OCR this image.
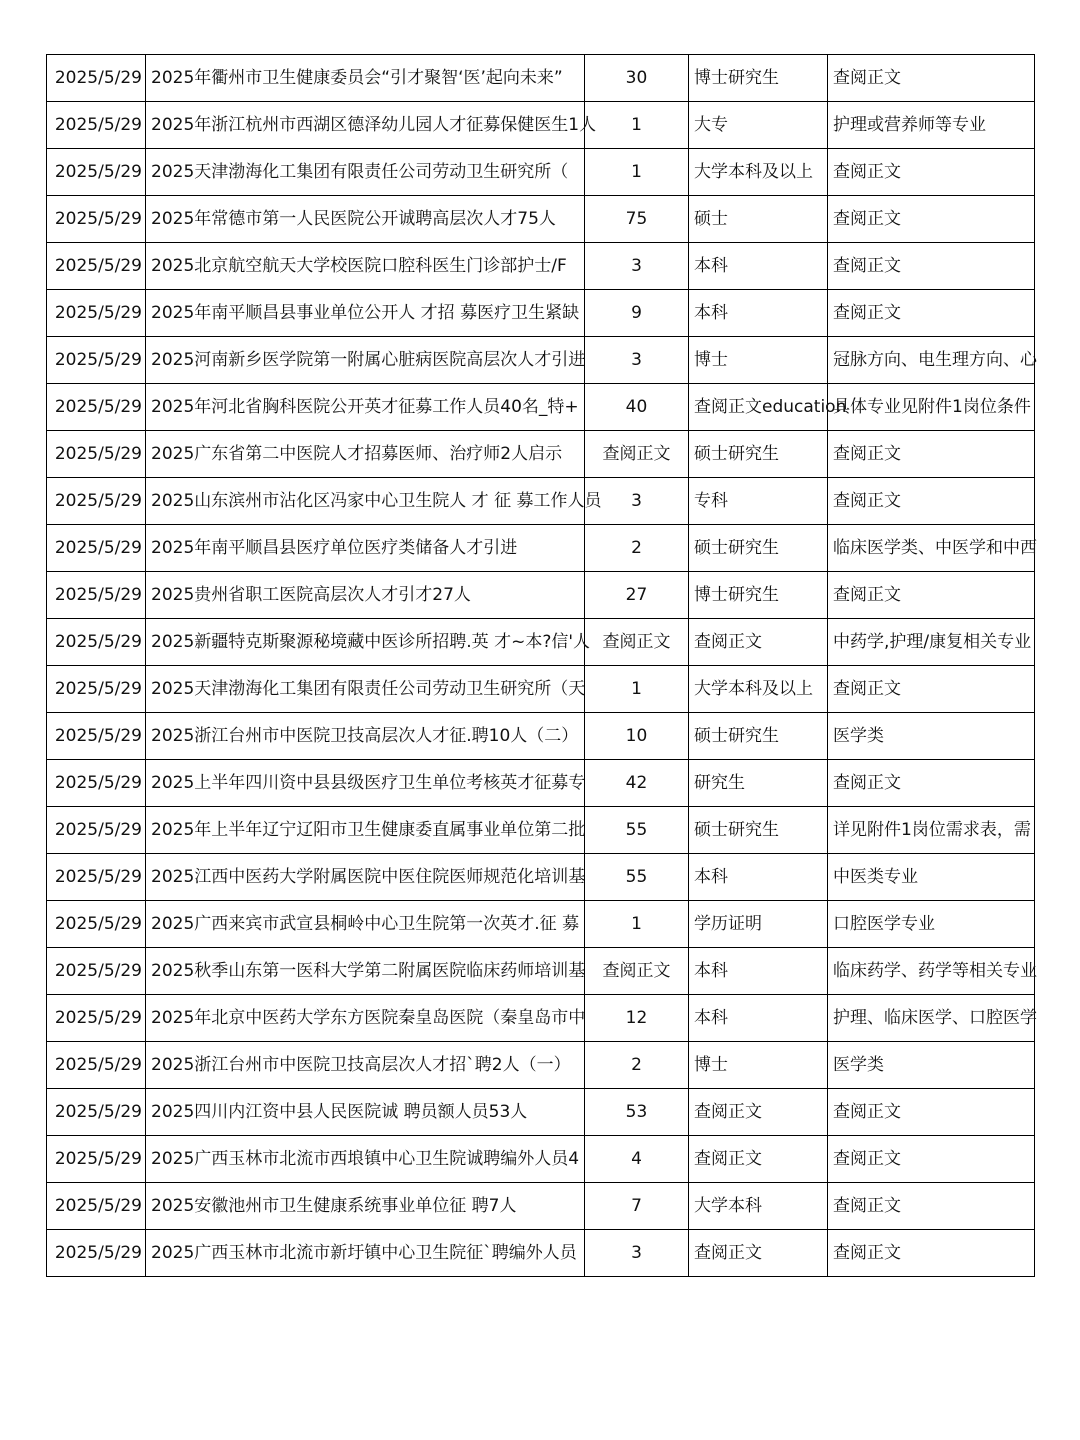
2025/5/29	2025年衢州市卫生健康委员会“引才聚智‘医’起向未来”	30	博士研究生	查阅正文
2025/5/29	2025年浙江杭州市西湖区德泽幼儿园人才征募保健医生1人	1	大专	护理或营养师等专业
2025/5/29	2025天津渤海化工集团有限责任公司劳动卫生研究所（	1	大学本科及以上	查阅正文
2025/5/29	2025年常德市第一人民医院公开诚聘高层次人才75人	75	硕士	查阅正文
2025/5/29	2025北京航空航天大学校医院口腔科医生门诊部护士/F	3	本科	查阅正文
2025/5/29	2025年南平顺昌县事业单位公开人 才招 募医疗卫生紧缺	9	本科	查阅正文
2025/5/29	2025河南新乡医学院第一附属心脏病医院高层次人才引进	3	博士	冠脉方向、电生理方向、心
2025/5/29	2025年河北省胸科医院公开英才征募工作人员40名_特+	40	查阅正文education	具体专业见附件1岗位条件
2025/5/29	2025广东省第二中医院人才招募医师、治疗师2人启示	查阅正文	硕士研究生	查阅正文
2025/5/29	2025山东滨州市沾化区冯家中心卫生院人 才 征 募工作人员	3	专科	查阅正文
2025/5/29	2025年南平顺昌县医疗单位医疗类储备人才引进	2	硕士研究生	临床医学类、中医学和中西
2025/5/29	2025贵州省职工医院高层次人才引才27人	27	博士研究生	查阅正文
2025/5/29	2025新疆特克斯聚源秘境藏中医诊所招聘.英 才~本?信'人	查阅正文	查阅正文	中药学,护理/康复相关专业
2025/5/29	2025天津渤海化工集团有限责任公司劳动卫生研究所（天	1	大学本科及以上	查阅正文
2025/5/29	2025浙江台州市中医院卫技高层次人才征.聘10人（二）	10	硕士研究生	医学类
2025/5/29	2025上半年四川资中县县级医疗卫生单位考核英才征募专	42	研究生	查阅正文
2025/5/29	2025年上半年辽宁辽阳市卫生健康委直属事业单位第二批	55	硕士研究生	详见附件1岗位需求表，需
2025/5/29	2025江西中医药大学附属医院中医住院医师规范化培训基	55	本科	中医类专业
2025/5/29	2025广西来宾市武宣县桐岭中心卫生院第一次英才.征 募	1	学历证明	口腔医学专业
2025/5/29	2025秋季山东第一医科大学第二附属医院临床药师培训基	查阅正文	本科	临床药学、药学等相关专业
2025/5/29	2025年北京中医药大学东方医院秦皇岛医院（秦皇岛市中	12	本科	护理、临床医学、口腔医学
2025/5/29	2025浙江台州市中医院卫技高层次人才招`聘2人（一）	2	博士	医学类
2025/5/29	2025四川内江资中县人民医院诚 聘员额人员53人	53	查阅正文	查阅正文
2025/5/29	2025广西玉林市北流市西埌镇中心卫生院诚聘编外人员4	4	查阅正文	查阅正文
2025/5/29	2025安徽池州市卫生健康系统事业单位征 聘7人	7	大学本科	查阅正文
2025/5/29	2025广西玉林市北流市新圩镇中心卫生院征`聘编外人员	3	查阅正文	查阅正文
